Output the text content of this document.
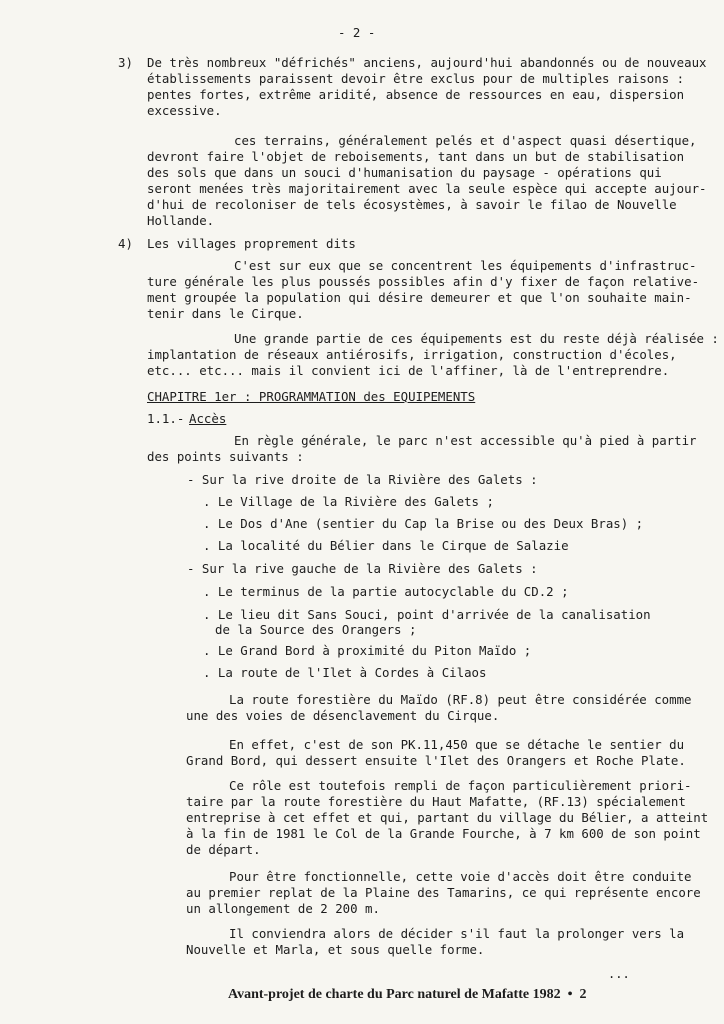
- 2 -
3) De très nombreux "défrichés" anciens, aujourd'hui abandonnés ou de nouveaux
établissements paraissent devoir être exclus pour de multiples raisons :
pentes fortes, extrême aridité, absence de ressources en eau, dispersion
excessive.
ces terrains, généralement pelés et d'aspect quasi désertique,
devront faire l'objet de reboisements, tant dans un but de stabilisation
des sols que dans un souci d'humanisation du paysage - opérations qui
seront menées très majoritairement avec la seule espèce qui accepte aujour-
d'hui de recoloniser de tels écosystèmes, à savoir le filao de Nouvelle
Hollande.
4) Les villages proprement dits
C'est sur eux que se concentrent les équipements d'infrastruc-
ture générale les plus poussés possibles afin d'y fixer de façon relative-
ment groupée la population qui désire demeurer et que l'on souhaite main-
tenir dans le Cirque.
Une grande partie de ces équipements est du reste déjà réalisée :
implantation de réseaux antiérosifs, irrigation, construction d'écoles,
etc... etc... mais il convient ici de l'affiner, là de l'entreprendre.
CHAPITRE 1er : PROGRAMMATION des EQUIPEMENTS
1.1.- Accès
En règle générale, le parc n'est accessible qu'à pied à partir
des points suivants :
- Sur la rive droite de la Rivière des Galets :
. Le Village de la Rivière des Galets ;
. Le Dos d'Ane (sentier du Cap la Brise ou des Deux Bras) ;
. La localité du Bélier dans le Cirque de Salazie
- Sur la rive gauche de la Rivière des Galets :
. Le terminus de la partie autocyclable du CD.2 ;
. Le lieu dit Sans Souci, point d'arrivée de la canalisation
de la Source des Orangers ;
. Le Grand Bord à proximité du Piton Maïdo ;
. La route de l'Ilet à Cordes à Cilaos
La route forestière du Maïdo (RF.8) peut être considérée comme
une des voies de désenclavement du Cirque.
En effet, c'est de son PK.11,450 que se détache le sentier du
Grand Bord, qui dessert ensuite l'Ilet des Orangers et Roche Plate.
Ce rôle est toutefois rempli de façon particulièrement priori-
taire par la route forestière du Haut Mafatte, (RF.13) spécialement
entreprise à cet effet et qui, partant du village du Bélier, a atteint
à la fin de 1981 le Col de la Grande Fourche, à 7 km 600 de son point
de départ.
Pour être fonctionnelle, cette voie d'accès doit être conduite
au premier replat de la Plaine des Tamarins, ce qui représente encore
un allongement de 2 200 m.
Il conviendra alors de décider s'il faut la prolonger vers la
Nouvelle et Marla, et sous quelle forme.
...
Avant-projet de charte du Parc naturel de Mafatte 1982  •  2
